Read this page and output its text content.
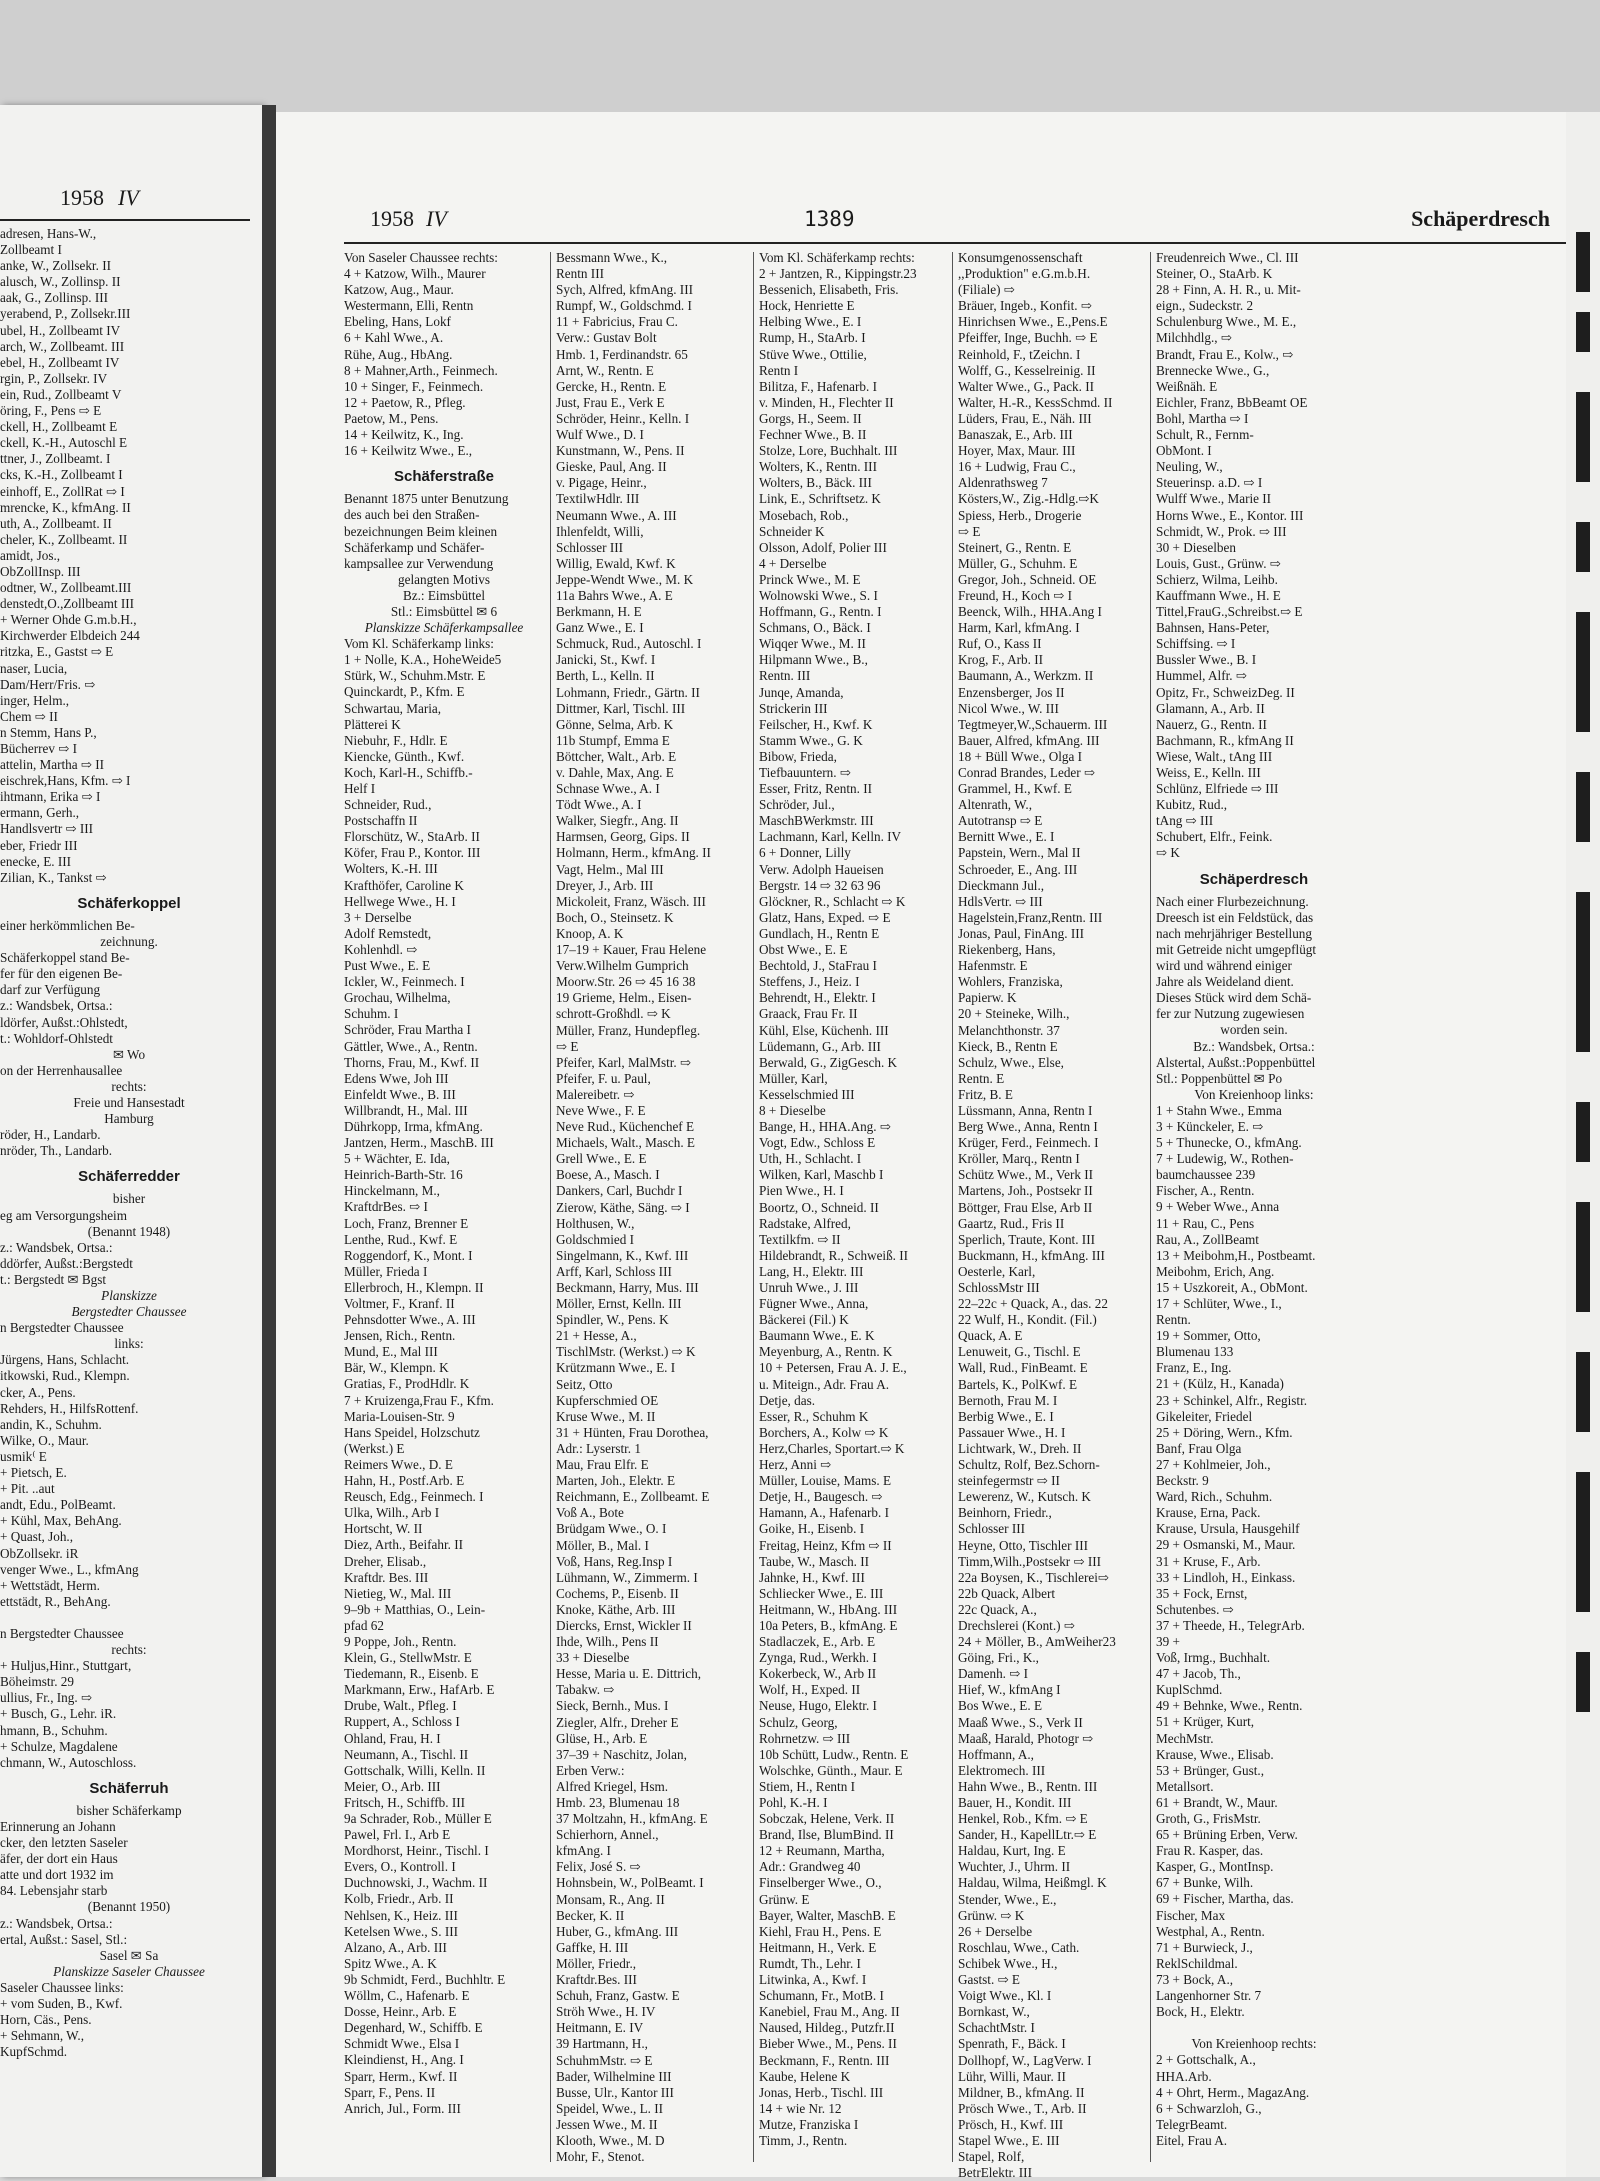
1958 IV
adresen, Hans-W.,
Zollbeamt I
anke, W., Zollsekr. II
alusch, W., Zollinsp. II
aak, G., Zollinsp. III
yerabend, P., Zollsekr.III
ubel, H., Zollbeamt IV
arch, W., Zollbeamt. III
ebel, H., Zollbeamt IV
rgin, P., Zollsekr. IV
ein, Rud., Zollbeamt V
öring, F., Pens ⇨ E
ckell, H., Zollbeamt E
ckell, K.-H., Autoschl E
ttner, J., Zollbeamt. I
cks, K.-H., Zollbeamt I
einhoff, E., ZollRat ⇨ I
mrencke, K., kfmAng. II
uth, A., Zollbeamt. II
cheler, K., Zollbeamt. II
amidt, Jos.,
ObZollInsp. III
odtner, W., Zollbeamt.III
denstedt,O.,Zollbeamt III
+ Werner Ohde G.m.b.H.,
Kirchwerder Elbdeich 244
ritzka, E., Gastst ⇨ E
naser, Lucia,
Dam/Herr/Fris. ⇨
inger, Helm.,
Chem ⇨ II
n Stemm, Hans P.,
Bücherrev ⇨ I
attelin, Martha ⇨ II
eischrek,Hans, Kfm. ⇨ I
ihtmann, Erika ⇨ I
ermann, Gerh.,
Handlsvertr ⇨ III
eber, Friedr III
enecke, E. III
Zilian, K., Tankst ⇨
Schäferkoppel
einer herkömmlichen Be-
zeichnung.
Schäferkoppel stand Be-
fer für den eigenen Be-
darf zur Verfügung
z.: Wandsbek, Ortsa.:
ldörfer, Außst.:Ohlstedt,
t.: Wohldorf-Ohlstedt
✉ Wo
on der Herrenhausallee
rechts:
Freie und Hansestadt
Hamburg
röder, H., Landarb.
nröder, Th., Landarb.
Schäferredder
bisher
eg am Versorgungsheim
(Benannt 1948)
z.: Wandsbek, Ortsa.:
ddörfer, Außst.:Bergstedt
t.: Bergstedt ✉ Bgst
Planskizze
Bergstedter Chaussee
n Bergstedter Chaussee
links:
Jürgens, Hans, Schlacht.
itkowski, Rud., Klempn.
cker, A., Pens.
Rehders, H., HilfsRottenf.
andin, K., Schuhm.
Wilke, O., Maur.
usmik⁽ E
+ Pietsch, E.
+ Pit. ..aut
andt, Edu., PolBeamt.
+ Kühl, Max, BehAng.
+ Quast, Joh.,
ObZollsekr. iR
venger Wwe., L., kfmAng
+ Wettstädt, Herm.
ettstädt, R., BehAng.

n Bergstedter Chaussee
rechts:
+ Huljus,Hinr., Stuttgart,
Böheimstr. 29
ullius, Fr., Ing. ⇨
+ Busch, G., Lehr. iR.
hmann, B., Schuhm.
+ Schulze, Magdalene
chmann, W., Autoschloss.
Schäferruh
bisher Schäferkamp
Erinnerung an Johann
cker, den letzten Saseler
äfer, der dort ein Haus
atte und dort 1932 im
84. Lebensjahr starb
(Benannt 1950)
z.: Wandsbek, Ortsa.:
ertal, Außst.: Sasel, Stl.:
Sasel ✉ Sa
Planskizze Saseler Chaussee
Saseler Chaussee links:
+ vom Suden, B., Kwf.
Horn, Cäs., Pens.
+ Sehmann, W.,
KupfSchmd.
1958 IV	1389	Schäperdresch
Von Saseler Chaussee rechts:
4 + Katzow, Wilh., Maurer
Katzow, Aug., Maur.
Westermann, Elli, Rentn
Ebeling, Hans, Lokf
6 + Kahl Wwe., A.
Rühe, Aug., HbAng.
8 + Mahner,Arth., Feinmech.
10 + Singer, F., Feinmech.
12 + Paetow, R., Pfleg.
Paetow, M., Pens.
14 + Keilwitz, K., Ing.
16 + Keilwitz Wwe., E.,
Schäferstraße
Benannt 1875 unter Benutzung
des auch bei den Straßen-
bezeichnungen Beim kleinen
Schäferkamp und Schäfer-
kampsallee zur Verwendung
gelangten Motivs
Bz.: Eimsbüttel
Stl.: Eimsbüttel ✉ 6
Planskizze Schäferkampsallee
Vom Kl. Schäferkamp links:
1 + Nolle, K.A., HoheWeide5
Stürk, W., Schuhm.Mstr. E
Quinckardt, P., Kfm. E
Schwartau, Maria,
Plätterei K
Niebuhr, F., Hdlr. E
Kiencke, Günth., Kwf.
Koch, Karl-H., Schiffb.-
Helf I
Schneider, Rud.,
Postschaffn II
Florschütz, W., StaArb. II
Köfer, Frau P., Kontor. III
Wolters, K.-H. III
Krafthöfer, Caroline K
Hellwege Wwe., H. I
3 + Derselbe
Adolf Remstedt,
Kohlenhdl. ⇨
Pust Wwe., E. E
Ickler, W., Feinmech. I
Grochau, Wilhelma,
Schuhm. I
Schröder, Frau Martha I
Gättler, Wwe., A., Rentn.
Thorns, Frau, M., Kwf. II
Edens Wwe, Joh III
Einfeldt Wwe., B. III
Willbrandt, H., Mal. III
Dührkopp, Irma, kfmAng.
Jantzen, Herm., MaschB. III
5 + Wächter, E. Ida,
Heinrich-Barth-Str. 16
Hinckelmann, M.,
KraftdrBes. ⇨ I
Loch, Franz, Brenner E
Lenthe, Rud., Kwf. E
Roggendorf, K., Mont. I
Müller, Frieda I
Ellerbroch, H., Klempn. II
Voltmer, F., Kranf. II
Pehnsdotter Wwe., A. III
Jensen, Rich., Rentn.
Mund, E., Mal III
Bär, W., Klempn. K
Gratias, F., ProdHdlr. K
7 + Kruizenga,Frau F., Kfm.
Maria-Louisen-Str. 9
Hans Speidel, Holzschutz
(Werkst.) E
Reimers Wwe., D. E
Hahn, H., Postf.Arb. E
Reusch, Edg., Feinmech. I
Ulka, Wilh., Arb I
Hortscht, W. II
Diez, Arth., Beifahr. II
Dreher, Elisab.,
Kraftdr. Bes. III
Nietieg, W., Mal. III
9–9b + Matthias, O., Lein-
pfad 62
9 Poppe, Joh., Rentn.
Klein, G., StellwMstr. E
Tiedemann, R., Eisenb. E
Markmann, Erw., HafArb. E
Drube, Walt., Pfleg. I
Ruppert, A., Schloss I
Ohland, Frau, H. I
Neumann, A., Tischl. II
Gottschalk, Willi, Kelln. II
Meier, O., Arb. III
Fritsch, H., Schiffb. III
9a Schrader, Rob., Müller E
Pawel, Frl. I., Arb E
Mordhorst, Heinr., Tischl. I
Evers, O., Kontroll. I
Duchnowski, J., Wachm. II
Kolb, Friedr., Arb. II
Nehlsen, K., Heiz. III
Ketelsen Wwe., S. III
Alzano, A., Arb. III
Spitz Wwe., A. K
9b Schmidt, Ferd., Buchhltr. E
Wöllm, C., Hafenarb. E
Dosse, Heinr., Arb. E
Degenhard, W., Schiffb. E
Schmidt Wwe., Elsa I
Kleindienst, H., Ang. I
Sparr, Herm., Kwf. II
Sparr, F., Pens. II
Anrich, Jul., Form. III
Bessmann Wwe., K.,
Rentn III
Sych, Alfred, kfmAng. III
Rumpf, W., Goldschmd. I
11 + Fabricius, Frau C.
Verw.: Gustav Bolt
Hmb. 1, Ferdinandstr. 65
Arnt, W., Rentn. E
Gercke, H., Rentn. E
Just, Frau E., Verk E
Schröder, Heinr., Kelln. I
Wulf Wwe., D. I
Kunstmann, W., Pens. II
Gieske, Paul, Ang. II
v. Pigage, Heinr.,
TextilwHdlr. III
Neumann Wwe., A. III
Ihlenfeldt, Willi,
Schlosser III
Willig, Ewald, Kwf. K
Jeppe-Wendt Wwe., M. K
11a Bahrs Wwe., A. E
Berkmann, H. E
Ganz Wwe., E. I
Schmuck, Rud., Autoschl. I
Janicki, St., Kwf. I
Berth, L., Kelln. II
Lohmann, Friedr., Gärtn. II
Dittmer, Karl, Tischl. III
Gönne, Selma, Arb. K
11b Stumpf, Emma E
Böttcher, Walt., Arb. E
v. Dahle, Max, Ang. E
Schnase Wwe., A. I
Tödt Wwe., A. I
Walker, Siegfr., Ang. II
Harmsen, Georg, Gips. II
Holmann, Herm., kfmAng. II
Vagt, Helm., Mal III
Dreyer, J., Arb. III
Mickoleit, Franz, Wäsch. III
Boch, O., Steinsetz. K
Knoop, A. K
17–19 + Kauer, Frau Helene
Verw.Wilhelm Gumprich
Moorw.Str. 26 ⇨ 45 16 38
19 Grieme, Helm., Eisen-
schrott-Großhdl. ⇨ K
Müller, Franz, Hundepfleg.
⇨ E
Pfeifer, Karl, MalMstr. ⇨
Pfeifer, F. u. Paul,
Malereibetr. ⇨
Neve Wwe., F. E
Neve Rud., Küchenchef E
Michaels, Walt., Masch. E
Grell Wwe., E. E
Boese, A., Masch. I
Dankers, Carl, Buchdr I
Zierow, Käthe, Säng. ⇨ I
Holthusen, W.,
Goldschmied I
Singelmann, K., Kwf. III
Arff, Karl, Schloss III
Beckmann, Harry, Mus. III
Möller, Ernst, Kelln. III
Spindler, W., Pens. K
21 + Hesse, A.,
TischlMstr. (Werkst.) ⇨ K
Krützmann Wwe., E. I
Seitz, Otto
Kupferschmied OE
Kruse Wwe., M. II
31 + Hünten, Frau Dorothea,
Adr.: Lyserstr. 1
Mau, Frau Elfr. E
Marten, Joh., Elektr. E
Reichmann, E., Zollbeamt. E
Voß A., Bote
Brüdgam Wwe., O. I
Möller, B., Mal. I
Voß, Hans, Reg.Insp I
Lühmann, W., Zimmerm. I
Cochems, P., Eisenb. II
Knoke, Käthe, Arb. III
Diercks, Ernst, Wickler II
Ihde, Wilh., Pens II
33 + Dieselbe
Hesse, Maria u. E. Dittrich,
Tabakw. ⇨
Sieck, Bernh., Mus. I
Ziegler, Alfr., Dreher E
Glüse, H., Arb. E
37–39 + Naschitz, Jolan,
Erben Verw.:
Alfred Kriegel, Hsm.
Hmb. 23, Blumenau 18
37 Moltzahn, H., kfmAng. E
Schierhorn, Annel.,
kfmAng. I
Felix, José S. ⇨
Hohnsbein, W., PolBeamt. I
Monsam, R., Ang. II
Becker, K. II
Huber, G., kfmAng. III
Gaffke, H. III
Möller, Friedr.,
Kraftdr.Bes. III
Schuh, Franz, Gastw. E
Ströh Wwe., H. IV
Heitmann, E. IV
39 Hartmann, H.,
SchuhmMstr. ⇨ E
Bader, Wilhelmine III
Busse, Ulr., Kantor III
Speidel, Wwe., L. II
Jessen Wwe., M. II
Klooth, Wwe., M. D
Mohr, F., Stenot.
Vom Kl. Schäferkamp rechts:
2 + Jantzen, R., Kippingstr.23
Bessenich, Elisabeth, Fris.
Hock, Henriette E
Helbing Wwe., E. I
Rump, H., StaArb. I
Stüve Wwe., Ottilie,
Rentn I
Bilitza, F., Hafenarb. I
v. Minden, H., Flechter II
Gorgs, H., Seem. II
Fechner Wwe., B. II
Stolze, Lore, Buchhalt. III
Wolters, K., Rentn. III
Wolters, B., Bäck. III
Link, E., Schriftsetz. K
Mosebach, Rob.,
Schneider K
Olsson, Adolf, Polier III
4 + Derselbe
Princk Wwe., M. E
Wolnowski Wwe., S. I
Hoffmann, G., Rentn. I
Schmans, O., Bäck. I
Wiqqer Wwe., M. II
Hilpmann Wwe., B.,
Rentn. III
Junqe, Amanda,
Strickerin III
Feilscher, H., Kwf. K
Stamm Wwe., G. K
Bibow, Frieda,
Tiefbauuntern. ⇨
Esser, Fritz, Rentn. II
Schröder, Jul.,
MaschBWerkmstr. III
Lachmann, Karl, Kelln. IV
6 + Donner, Lilly
Verw. Adolph Haueisen
Bergstr. 14 ⇨ 32 63 96
Glöckner, R., Schlacht ⇨ K
Glatz, Hans, Exped. ⇨ E
Gundlach, H., Rentn E
Obst Wwe., E. E
Bechtold, J., StaFrau I
Steffens, J., Heiz. I
Behrendt, H., Elektr. I
Graack, Frau Fr. II
Kühl, Else, Küchenh. III
Lüdemann, G., Arb. III
Berwald, G., ZigGesch. K
Müller, Karl,
Kesselschmied III
8 + Dieselbe
Bange, H., HHA.Ang. ⇨
Vogt, Edw., Schloss E
Uth, H., Schlacht. I
Wilken, Karl, Maschb I
Pien Wwe., H. I
Boortz, O., Schneid. II
Radstake, Alfred,
Textilkfm. ⇨ II
Hildebrandt, R., Schweiß. II
Lang, H., Elektr. III
Unruh Wwe., J. III
Fügner Wwe., Anna,
Bäckerei (Fil.) K
Baumann Wwe., E. K
Meyenburg, A., Rentn. K
10 + Petersen, Frau A. J. E.,
u. Miteign., Adr. Frau A.
Detje, das.
Esser, R., Schuhm K
Borchers, A., Kolw ⇨ K
Herz,Charles, Sportart.⇨ K
Herz, Anni ⇨
Müller, Louise, Mams. E
Detje, H., Baugesch. ⇨
Hamann, A., Hafenarb. I
Goike, H., Eisenb. I
Freitag, Heinz, Kfm ⇨ II
Taube, W., Masch. II
Jahnke, H., Kwf. III
Schliecker Wwe., E. III
Heitmann, W., HbAng. III
10a Peters, B., kfmAng. E
Stadlaczek, E., Arb. E
Zynga, Rud., Werkh. I
Kokerbeck, W., Arb II
Wolf, H., Exped. II
Neuse, Hugo, Elektr. I
Schulz, Georg,
Rohrnetzw. ⇨ III
10b Schütt, Ludw., Rentn. E
Wolschke, Günth., Maur. E
Stiem, H., Rentn I
Pohl, K.-H. I
Sobczak, Helene, Verk. II
Brand, Ilse, BlumBind. II
12 + Reumann, Martha,
Adr.: Grandweg 40
Finselberger Wwe., O.,
Grünw. E
Bayer, Walter, MaschB. E
Kiehl, Frau H., Pens. E
Heitmann, H., Verk. E
Rumdt, Th., Lehr. I
Litwinka, A., Kwf. I
Schumann, Fr., MotB. I
Kanebiel, Frau M., Ang. II
Naused, Hildeg., Putzfr.II
Bieber Wwe., M., Pens. II
Beckmann, F., Rentn. III
Kaube, Helene K
Jonas, Herb., Tischl. III
14 + wie Nr. 12
Mutze, Franziska I
Timm, J., Rentn.
Konsumgenossenschaft
,,Produktion" e.G.m.b.H.
(Filiale) ⇨
Bräuer, Ingeb., Konfit. ⇨
Hinrichsen Wwe., E.,Pens.E
Pfeiffer, Inge, Buchh. ⇨ E
Reinhold, F., tZeichn. I
Wolff, G., Kesselreinig. II
Walter Wwe., G., Pack. II
Walter, H.-R., KessSchmd. II
Lüders, Frau, E., Näh. III
Banaszak, E., Arb. III
Hoyer, Max, Maur. III
16 + Ludwig, Frau C.,
Aldenrathsweg 7
Kösters,W., Zig.-Hdlg.⇨K
Spiess, Herb., Drogerie
⇨ E
Steinert, G., Rentn. E
Müller, G., Schuhm. E
Gregor, Joh., Schneid. OE
Freund, H., Koch ⇨ I
Beenck, Wilh., HHA.Ang I
Harm, Karl, kfmAng. I
Ruf, O., Kass II
Krog, F., Arb. II
Baumann, A., Werkzm. II
Enzensberger, Jos II
Nicol Wwe., W. III
Tegtmeyer,W.,Schauerm. III
Bauer, Alfred, kfmAng. III
18 + Büll Wwe., Olga I
Conrad Brandes, Leder ⇨
Grammel, H., Kwf. E
Altenrath, W.,
Autotransp ⇨ E
Bernitt Wwe., E. I
Papstein, Wern., Mal II
Schroeder, E., Ang. III
Dieckmann Jul.,
HdlsVertr. ⇨ III
Hagelstein,Franz,Rentn. III
Jonas, Paul, FinAng. III
Riekenberg, Hans,
Hafenmstr. E
Wohlers, Franziska,
Papierw. K
20 + Steineke, Wilh.,
Melanchthonstr. 37
Kieck, B., Rentn E
Schulz, Wwe., Else,
Rentn. E
Fritz, B. E
Lüssmann, Anna, Rentn I
Berg Wwe., Anna, Rentn I
Krüger, Ferd., Feinmech. I
Kröller, Marq., Rentn I
Schütz Wwe., M., Verk II
Martens, Joh., Postsekr II
Böttger, Frau Else, Arb II
Gaartz, Rud., Fris II
Sperlich, Traute, Kont. III
Buckmann, H., kfmAng. III
Oesterle, Karl,
SchlossMstr III
22–22c + Quack, A., das. 22
22 Wulf, H., Kondit. (Fil.)
Quack, A. E
Lenuweit, G., Tischl. E
Wall, Rud., FinBeamt. E
Bartels, K., PolKwf. E
Bernoth, Frau M. I
Berbig Wwe., E. I
Passauer Wwe., H. I
Lichtwark, W., Dreh. II
Schultz, Rolf, Bez.Schorn-
steinfegermstr ⇨ II
Lewerenz, W., Kutsch. K
Beinhorn, Friedr.,
Schlosser III
Heyne, Otto, Tischler III
Timm,Wilh.,Postsekr ⇨ III
22a Boysen, K., Tischlerei⇨
22b Quack, Albert
22c Quack, A.,
Drechslerei (Kont.) ⇨
24 + Möller, B., AmWeiher23
Göing, Fri., K.,
Damenh. ⇨ I
Hief, W., kfmAng I
Bos Wwe., E. E
Maaß Wwe., S., Verk II
Maaß, Harald, Photogr ⇨
Hoffmann, A.,
Elektromech. III
Hahn Wwe., B., Rentn. III
Bauer, H., Kondit. III
Henkel, Rob., Kfm. ⇨ E
Sander, H., KapellLtr.⇨ E
Haldau, Kurt, Ing. E
Wuchter, J., Uhrm. II
Haldau, Wilma, Heißmgl. K
Stender, Wwe., E.,
Grünw. ⇨ K
26 + Derselbe
Roschlau, Wwe., Cath.
Schibek Wwe., H.,
Gastst. ⇨ E
Voigt Wwe., Kl. I
Bornkast, W.,
SchachtMstr. I
Spenrath, F., Bäck. I
Dollhopf, W., LagVerw. I
Lühr, Willi, Maur. II
Mildner, B., kfmAng. II
Prösch Wwe., T., Arb. II
Prösch, H., Kwf. III
Stapel Wwe., E. III
Stapel, Rolf,
BetrElektr. III
Freudenreich Wwe., Cl. III
Steiner, O., StaArb. K
28 + Finn, A. H. R., u. Mit-
eign., Sudeckstr. 2
Schulenburg Wwe., M. E.,
Milchhdlg., ⇨
Brandt, Frau E., Kolw., ⇨
Brennecke Wwe., G.,
Weißnäh. E
Eichler, Franz, BbBeamt OE
Bohl, Martha ⇨ I
Schult, R., Fernm-
ObMont. I
Neuling, W.,
Steuerinsp. a.D. ⇨ I
Wulff Wwe., Marie II
Horns Wwe., E., Kontor. III
Schmidt, W., Prok. ⇨ III
30 + Dieselben
Louis, Gust., Grünw. ⇨
Schierz, Wilma, Leihb.
Kauffmann Wwe., H. E
Tittel,FrauG.,Schreibst.⇨ E
Bahnsen, Hans-Peter,
Schiffsing. ⇨ I
Bussler Wwe., B. I
Hummel, Alfr. ⇨
Opitz, Fr., SchweizDeg. II
Glamann, A., Arb. II
Nauerz, G., Rentn. II
Bachmann, R., kfmAng II
Wiese, Walt., tAng III
Weiss, E., Kelln. III
Schlünz, Elfriede ⇨ III
Kubitz, Rud.,
tAng ⇨ III
Schubert, Elfr., Feink.
⇨ K
Schäperdresch
Nach einer Flurbezeichnung.
Dreesch ist ein Feldstück, das
nach mehrjähriger Bestellung
mit Getreide nicht umgepflügt
wird und während einiger
Jahre als Weideland dient.
Dieses Stück wird dem Schä-
fer zur Nutzung zugewiesen
worden sein.
Bz.: Wandsbek, Ortsa.:
Alstertal, Außst.:Poppenbüttel
Stl.: Poppenbüttel ✉ Po
Von Kreienhoop links:
1 + Stahn Wwe., Emma
3 + Künckeler, E. ⇨
5 + Thunecke, O., kfmAng.
7 + Ludewig, W., Rothen-
baumchaussee 239
Fischer, A., Rentn.
9 + Weber Wwe., Anna
11 + Rau, C., Pens
Rau, A., ZollBeamt
13 + Meibohm,H., Postbeamt.
Meibohm, Erich, Ang.
15 + Uszkoreit, A., ObMont.
17 + Schlüter, Wwe., I.,
Rentn.
19 + Sommer, Otto,
Blumenau 133
Franz, E., Ing.
21 + (Külz, H., Kanada)
23 + Schinkel, Alfr., Registr.
Gikeleiter, Friedel
25 + Döring, Wern., Kfm.
Banf, Frau Olga
27 + Kohlmeier, Joh.,
Beckstr. 9
Ward, Rich., Schuhm.
Krause, Erna, Pack.
Krause, Ursula, Hausgehilf
29 + Osmanski, M., Maur.
31 + Kruse, F., Arb.
33 + Lindloh, H., Einkass.
35 + Fock, Ernst,
Schutenbes. ⇨
37 + Theede, H., TelegrArb.
39 +
Voß, Irmg., Buchhalt.
47 + Jacob, Th.,
KuplSchmd.
49 + Behnke, Wwe., Rentn.
51 + Krüger, Kurt,
MechMstr.
Krause, Wwe., Elisab.
53 + Brünger, Gust.,
Metallsort.
61 + Brandt, W., Maur.
Groth, G., FrisMstr.
65 + Brüning Erben, Verw.
Frau R. Kasper, das.
Kasper, G., MontInsp.
67 + Bunke, Wilh.
69 + Fischer, Martha, das.
Fischer, Max
Westphal, A., Rentn.
71 + Burwieck, J.,
ReklSchildmal.
73 + Bock, A.,
Langenhorner Str. 7
Bock, H., Elektr.

Von Kreienhoop rechts:
2 + Gottschalk, A.,
HHA.Arb.
4 + Ohrt, Herm., MagazAng.
6 + Schwarzloh, G.,
TelegrBeamt.
Eitel, Frau A.
